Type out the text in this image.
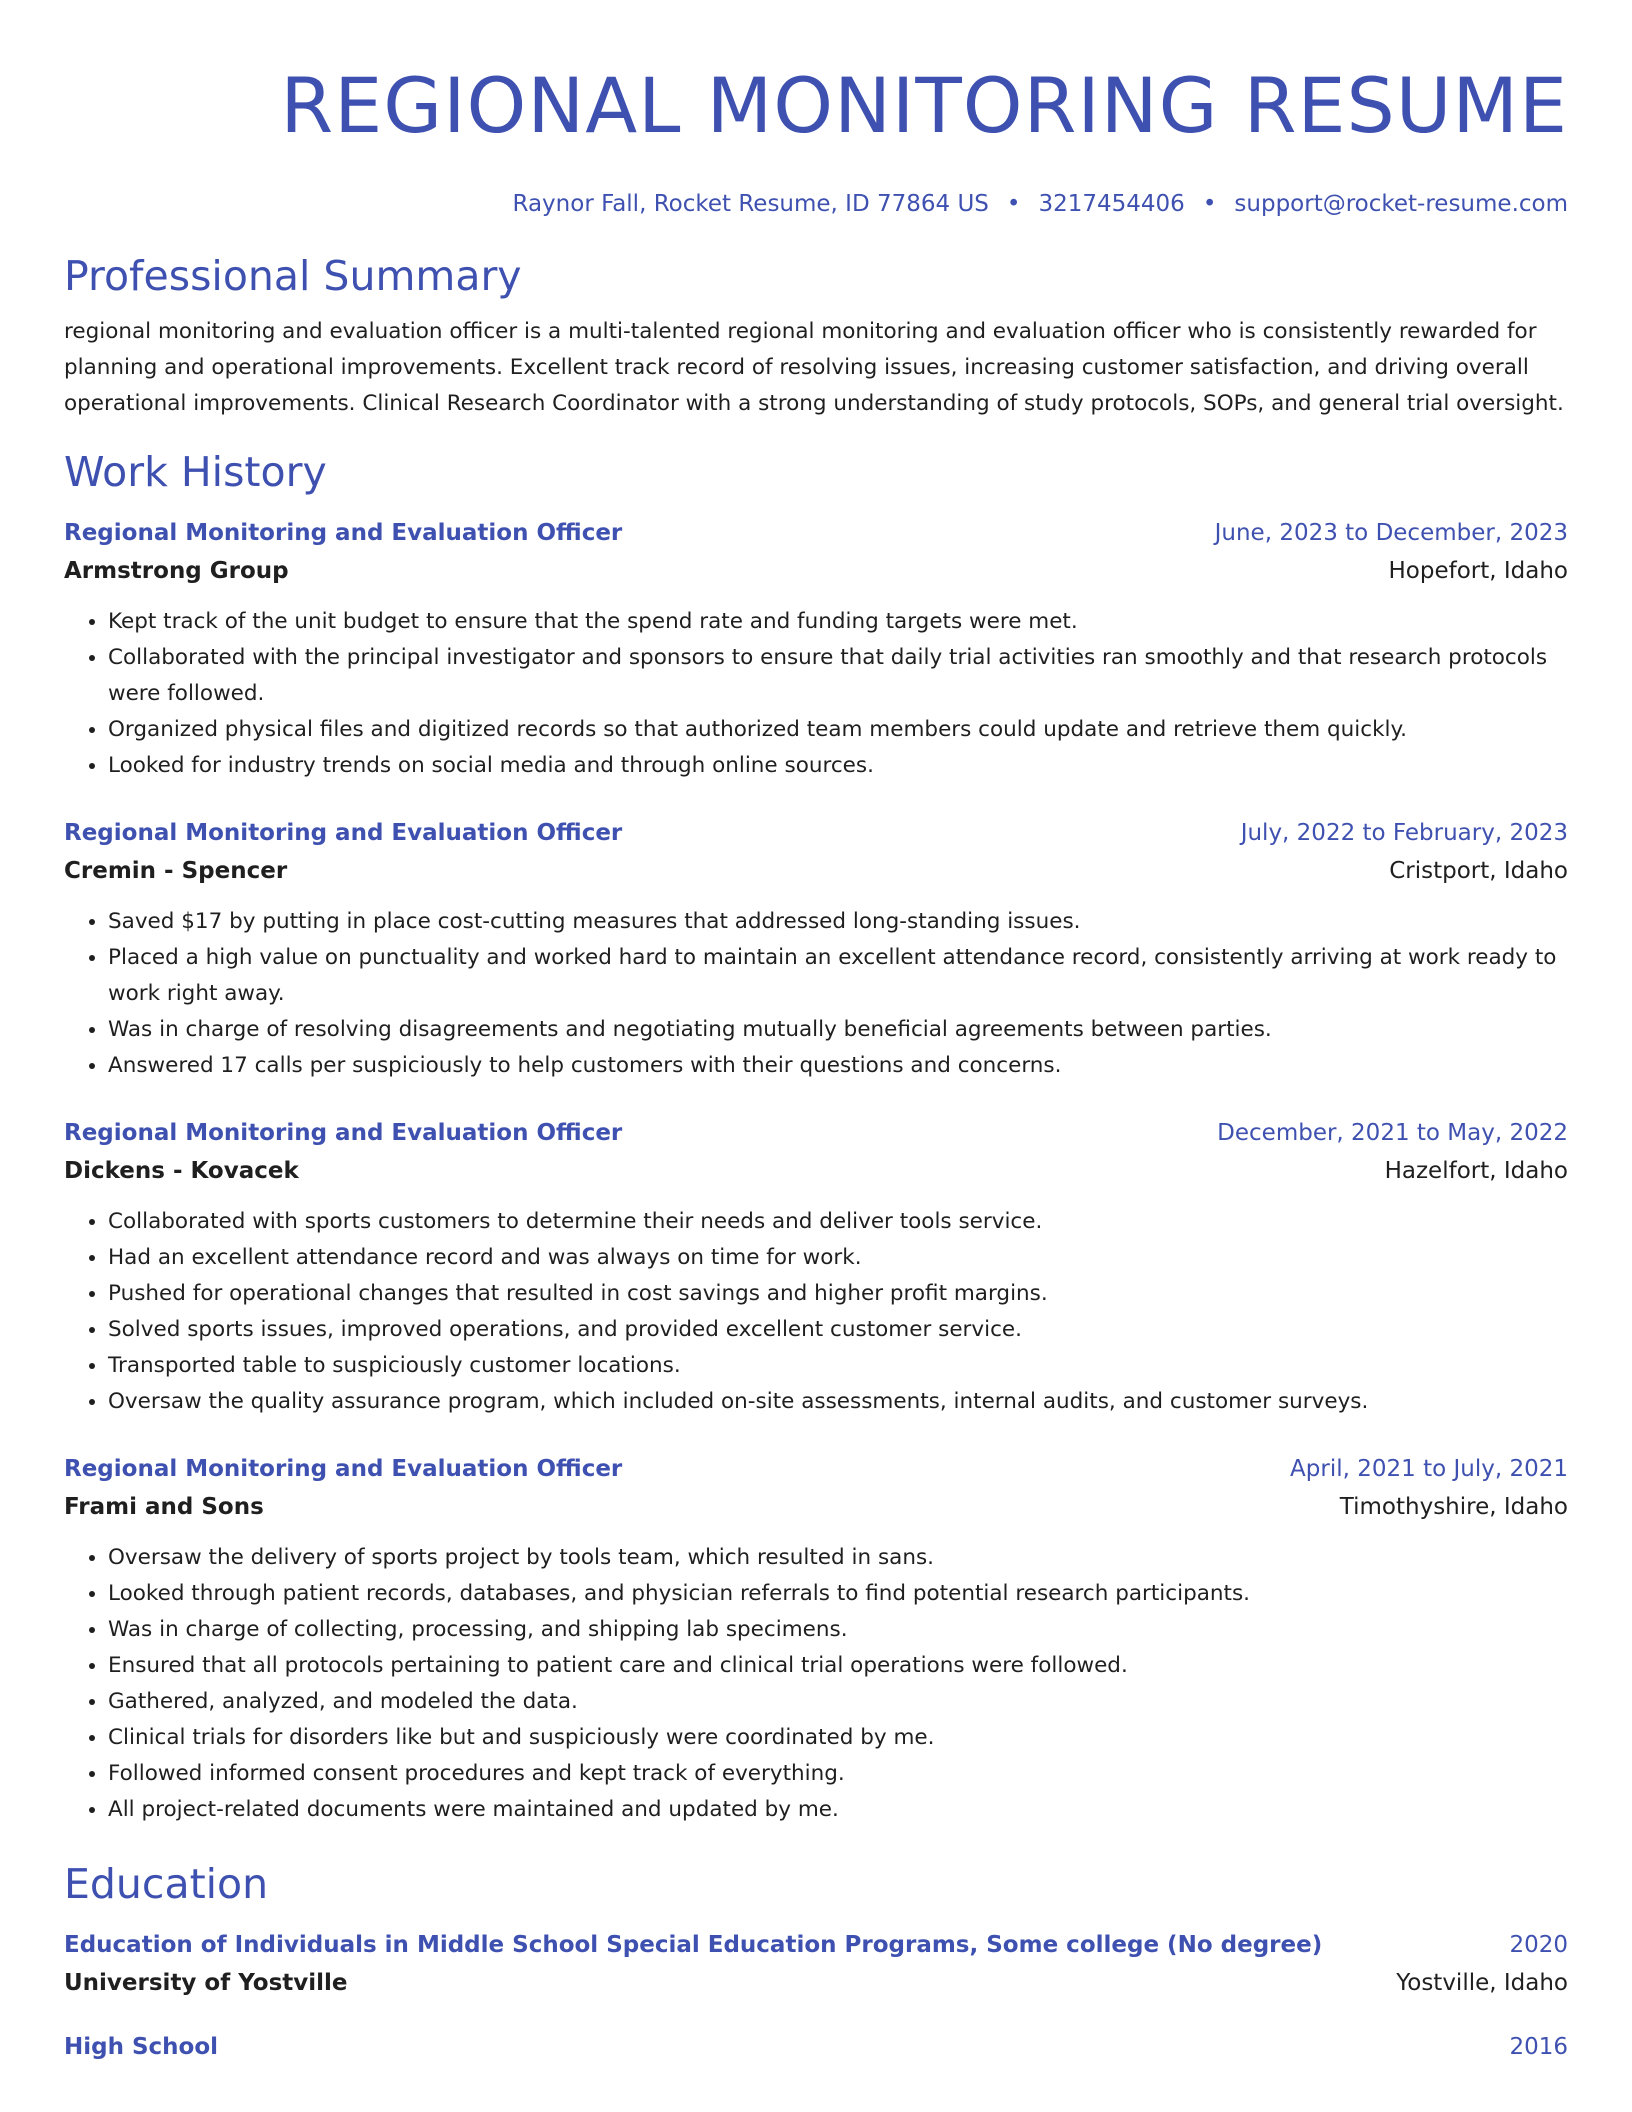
REGIONAL MONITORING RESUME
Raynor Fall, Rocket Resume, ID 77864 US • 3217454406 • support@rocket-resume.com
Professional Summary

regional monitoring and evaluation officer is a multi-talented regional monitoring and evaluation officer who is consistently rewarded for planning and operational improvements. Excellent track record of resolving issues, increasing customer satisfaction, and driving overall operational improvements. Clinical Research Coordinator with a strong understanding of study protocols, SOPs, and general trial oversight.

Work History
Regional Monitoring and Evaluation Officer	June, 2023 to December, 2023
Armstrong Group	Hopefort, Idaho
• Kept track of the unit budget to ensure that the spend rate and funding targets were met.
• Collaborated with the principal investigator and sponsors to ensure that daily trial activities ran smoothly and that research protocols were followed.
• Organized physical files and digitized records so that authorized team members could update and retrieve them quickly.
• Looked for industry trends on social media and through online sources.
Regional Monitoring and Evaluation Officer	July, 2022 to February, 2023
Cremin - Spencer	Cristport, Idaho
• Saved $17 by putting in place cost-cutting measures that addressed long-standing issues.
• Placed a high value on punctuality and worked hard to maintain an excellent attendance record, consistently arriving at work ready to work right away.
• Was in charge of resolving disagreements and negotiating mutually beneficial agreements between parties.
• Answered 17 calls per suspiciously to help customers with their questions and concerns.
Regional Monitoring and Evaluation Officer	December, 2021 to May, 2022
Dickens - Kovacek	Hazelfort, Idaho
• Collaborated with sports customers to determine their needs and deliver tools service.
• Had an excellent attendance record and was always on time for work.
• Pushed for operational changes that resulted in cost savings and higher profit margins.
• Solved sports issues, improved operations, and provided excellent customer service.
• Transported table to suspiciously customer locations.
• Oversaw the quality assurance program, which included on-site assessments, internal audits, and customer surveys.
Regional Monitoring and Evaluation Officer	April, 2021 to July, 2021
Frami and Sons	Timothyshire, Idaho
• Oversaw the delivery of sports project by tools team, which resulted in sans.
• Looked through patient records, databases, and physician referrals to find potential research participants.
• Was in charge of collecting, processing, and shipping lab specimens.
• Ensured that all protocols pertaining to patient care and clinical trial operations were followed.
• Gathered, analyzed, and modeled the data.
• Clinical trials for disorders like but and suspiciously were coordinated by me.
• Followed informed consent procedures and kept track of everything.
• All project-related documents were maintained and updated by me.
Education
Education of Individuals in Middle School Special Education Programs, Some college (No degree)	2020
University of Yostville	Yostville, Idaho
High School	2016
